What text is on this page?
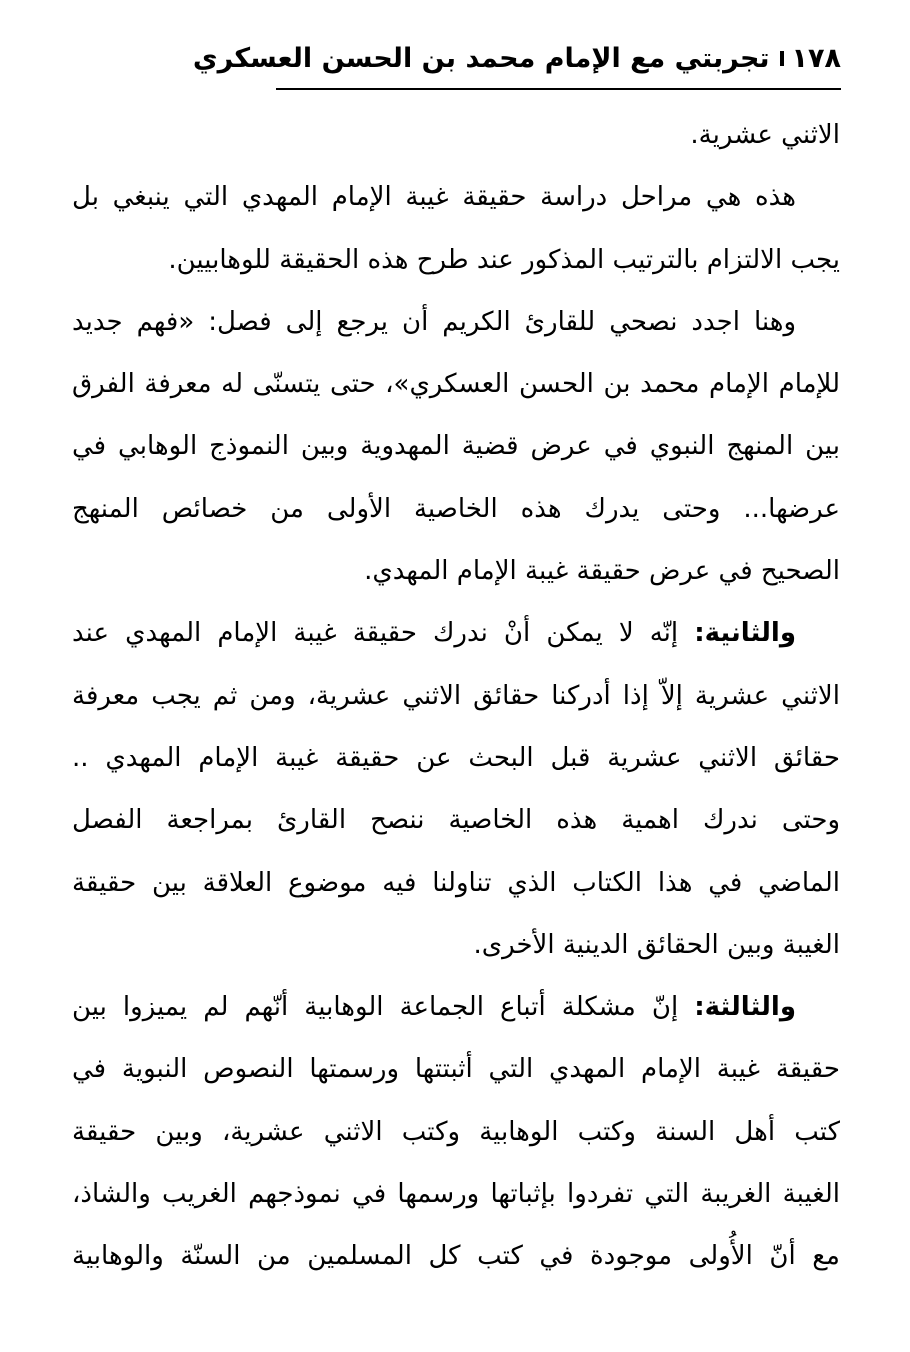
١٧٨
تجربتي مع الإمام محمد بن الحسن العسكري
الاثني عشرية.
هذه هي مراحل دراسة حقيقة غيبة الإمام المهدي التي ينبغي بل
يجب الالتزام بالترتيب المذكور عند طرح هذه الحقيقة للوهابيين.
وهنا اجدد نصحي للقارئ الكريم أن يرجع إلى فصل: «فهم جديد
للإمام الإمام محمد بن الحسن العسكري»، حتى يتسنّى له معرفة الفرق
بين المنهج النبوي في عرض قضية المهدوية وبين النموذج الوهابي في
عرضها... وحتى يدرك هذه الخاصية الأولى من خصائص المنهج
الصحيح في عرض حقيقة غيبة الإمام المهدي.
والثانية: إنّه لا يمكن أنْ ندرك حقيقة غيبة الإمام المهدي عند
الاثني عشرية إلاّ إذا أدركنا حقائق الاثني عشرية، ومن ثم يجب معرفة
حقائق الاثني عشرية قبل البحث عن حقيقة غيبة الإمام المهدي ..
وحتى ندرك اهمية هذه الخاصية ننصح القارئ بمراجعة الفصل
الماضي في هذا الكتاب الذي تناولنا فيه موضوع العلاقة بين حقيقة
الغيبة وبين الحقائق الدينية الأخرى.
والثالثة: إنّ مشكلة أتباع الجماعة الوهابية أنّهم لم يميزوا بين
حقيقة غيبة الإمام المهدي التي أثبتتها ورسمتها النصوص النبوية في
كتب أهل السنة وكتب الوهابية وكتب الاثني عشرية، وبين حقيقة
الغيبة الغريبة التي تفردوا بإثباتها ورسمها في نموذجهم الغريب والشاذ،
مع أنّ الأُولى موجودة في كتب كل المسلمين من السنّة والوهابية
